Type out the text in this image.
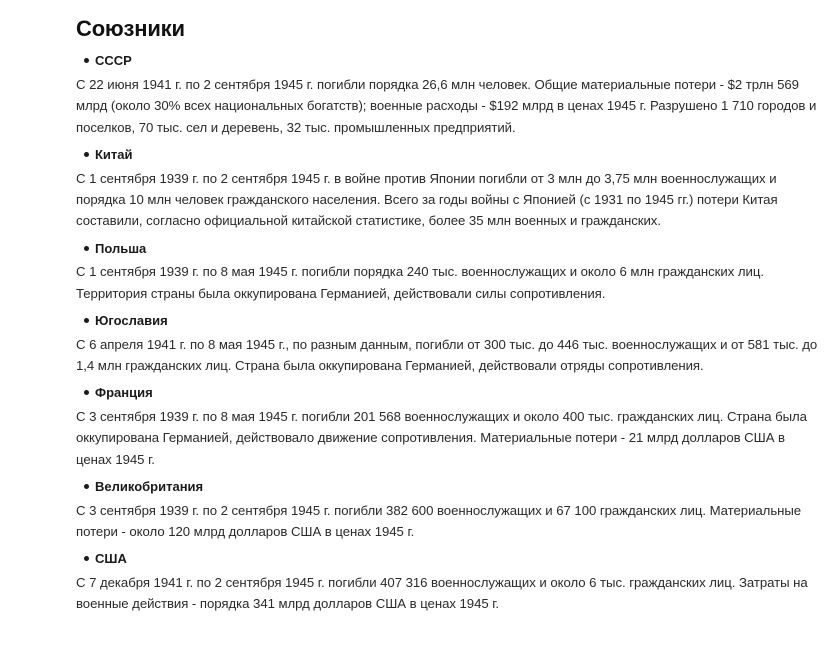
Союзники
СССР

С 22 июня 1941 г. по 2 сентября 1945 г. погибли порядка 26,6 млн человек. Общие материальные потери - $2 трлн 569 млрд (около 30% всех национальных богатств); военные расходы - $192 млрд в ценах 1945 г. Разрушено 1 710 городов и поселков, 70 тыс. сел и деревень, 32 тыс. промышленных предприятий.

Китай

С 1 сентября 1939 г. по 2 сентября 1945 г. в войне против Японии погибли от 3 млн до 3,75 млн военнослужащих и порядка 10 млн человек гражданского населения. Всего за годы войны с Японией (с 1931 по 1945 гг.) потери Китая составили, согласно официальной китайской статистике, более 35 млн военных и гражданских.

Польша

С 1 сентября 1939 г. по 8 мая 1945 г. погибли порядка 240 тыс. военнослужащих и около 6 млн гражданских лиц. Территория страны была оккупирована Германией, действовали силы сопротивления.

Югославия

С 6 апреля 1941 г. по 8 мая 1945 г., по разным данным, погибли от 300 тыс. до 446 тыс. военнослужащих и от 581 тыс. до 1,4 млн гражданских лиц. Страна была оккупирована Германией, действовали отряды сопротивления.

Франция

С 3 сентября 1939 г. по 8 мая 1945 г. погибли 201 568 военнослужащих и около 400 тыс. гражданских лиц. Страна была оккупирована Германией, действовало движение сопротивления. Материальные потери - 21 млрд долларов США в ценах 1945 г.

Великобритания

С 3 сентября 1939 г. по 2 сентября 1945 г. погибли 382 600 военнослужащих и 67 100 гражданских лиц. Материальные потери - около 120 млрд долларов США в ценах 1945 г.

США

С 7 декабря 1941 г. по 2 сентября 1945 г. погибли 407 316 военнослужащих и около 6 тыс. гражданских лиц. Затраты на военные действия - порядка 341 млрд долларов США в ценах 1945 г.
